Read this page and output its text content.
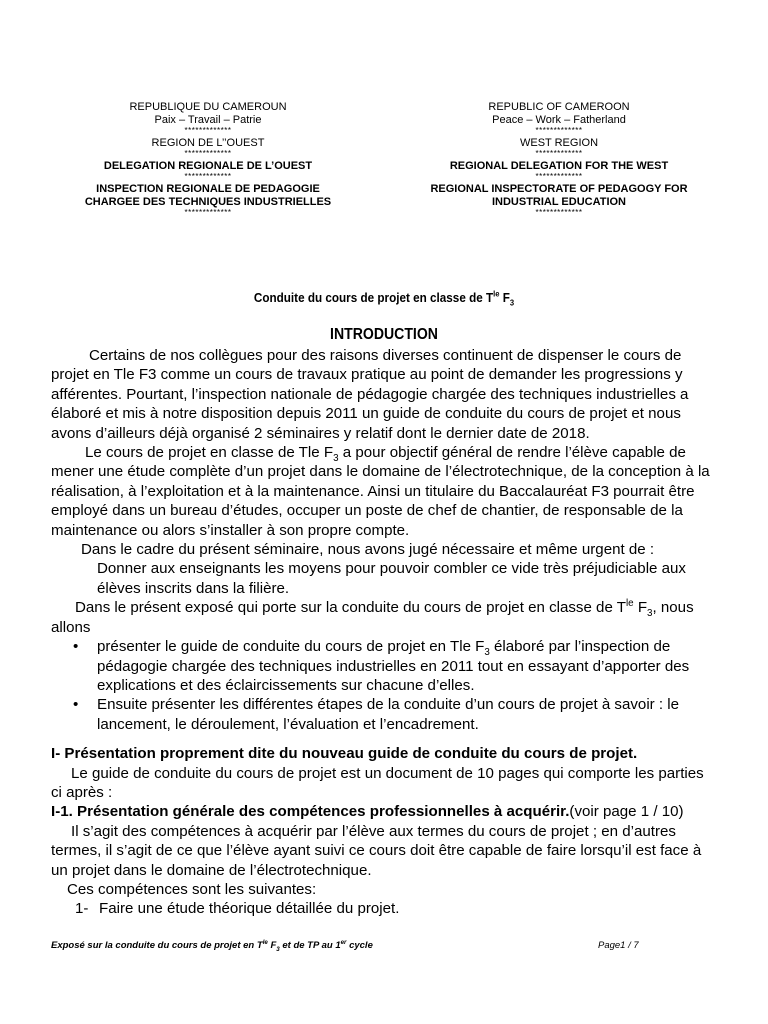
REPUBLIQUE DU CAMEROUN
Paix – Travail – Patrie
*************
REGION DE L’’OUEST
*************
DELEGATION REGIONALE DE L’OUEST
*************
INSPECTION REGIONALE DE PEDAGOGIE
CHARGEE DES TECHNIQUES INDUSTRIELLES
*************
REPUBLIC OF CAMEROON
Peace – Work – Fatherland
*************
WEST REGION
*************
REGIONAL DELEGATION FOR THE WEST
*************
REGIONAL INSPECTORATE OF PEDAGOGY FOR
INDUSTRIAL EDUCATION
*************
Conduite du cours de projet en classe de $T^{le}$ $F_3$
INTRODUCTION

Certains de nos collègues pour des raisons diverses continuent de dispenser le cours de projet en Tle F3 comme un cours de travaux pratique au point de demander les progressions y afférentes. Pourtant, l’inspection nationale de pédagogie chargée des techniques industrielles a élaboré et mis à notre disposition depuis 2011 un guide de conduite du cours de projet et nous avons d’ailleurs déjà organisé 2 séminaires y relatif dont le dernier date de 2018.

Le cours de projet en classe de Tle $F_3$ a pour objectif général de rendre l’élève capable de mener une étude complète d’un projet dans le domaine de l’électrotechnique, de la conception à la réalisation, à l’exploitation et à la maintenance. Ainsi un titulaire du Baccalauréat F3 pourrait être employé dans un bureau d’études, occuper un poste de chef de chantier, de responsable de la maintenance ou alors s’installer à son propre compte.

Dans le cadre du présent séminaire, nous avons jugé nécessaire et même urgent de :

Donner aux enseignants les moyens pour pouvoir combler ce vide très préjudiciable aux élèves inscrits dans la filière.

Dans le présent exposé qui porte sur la conduite du cours de projet en classe de $T^{le}$ $F_3$, nous allons

• présenter le guide de conduite du cours de projet en Tle $F_3$ élaboré par l’inspection de pédagogie chargée des techniques industrielles en 2011 tout en essayant d’apporter des explications et des éclaircissements sur chacune d’elles.
• Ensuite présenter les différentes étapes de la conduite d’un cours de projet à savoir : le lancement, le déroulement, l’évaluation et l’encadrement.

I- Présentation proprement dite du nouveau guide de conduite du cours de projet.

Le guide de conduite du cours de projet est un document de 10 pages qui comporte les parties ci après :

I-1. Présentation générale des compétences professionnelles à acquérir.(voir page 1 / 10)

Il s’agit des compétences à acquérir par l’élève aux termes du cours de projet ; en d’autres termes, il s’agit de ce que l’élève ayant suivi ce cours doit être capable de faire lorsqu’il est face à un projet dans le domaine de l’électrotechnique.

Ces compétences sont les suivantes:

1- Faire une étude théorique détaillée du projet.

Exposé sur la conduite du cours de projet en $T^{le}$ $F_3$ et de TP au 1er cycle	Page1 / 7
